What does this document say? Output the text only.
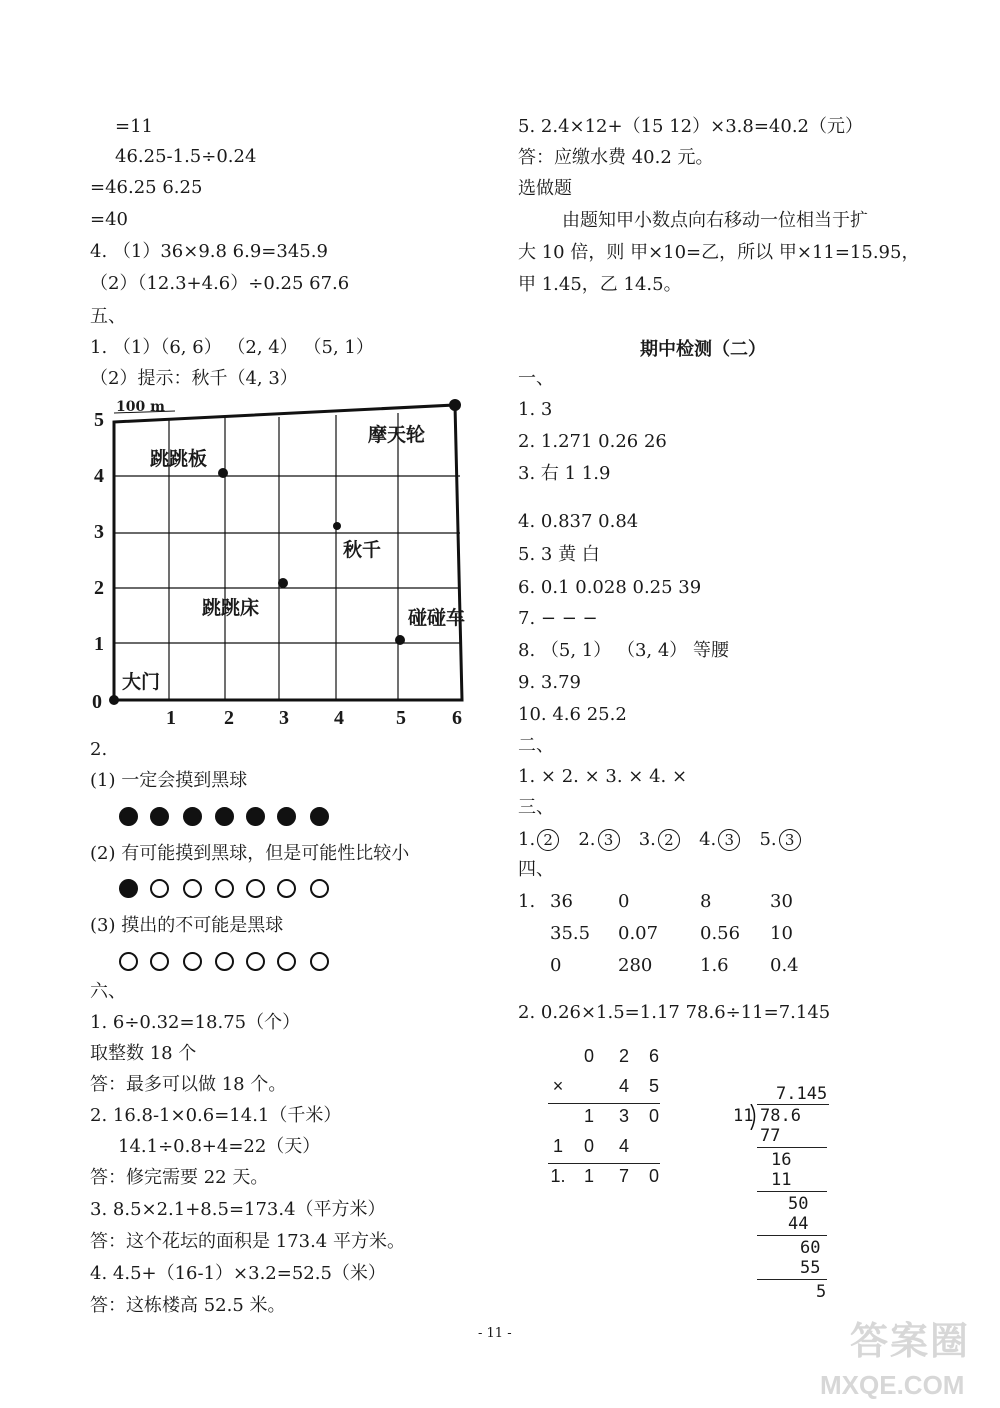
=11
46.25-1.5÷0.24
=46.25 6.25
=40
4. （1）36×9.8 6.9=345.9
（2）（12.3+4.6）÷0.25 67.6
五、
1. （1）（6, 6） （2, 4） （5, 1）
（2）提示：秋千（4, 3）
100 m
5
4
3
2
1
0
1 2 3 4	5 6
跳跳板
摩天轮
秋千
跳跳床	碰碰车
大门
2.
(1) 一定会摸到黑球
(2) 有可能摸到黑球，但是可能性比较小
(3) 摸出的不可能是黑球
六、
1. 6÷0.32=18.75（个）
取整数 18 个
答：最多可以做 18 个。
2. 16.8-1×0.6=14.1（千米）
14.1÷0.8+4=22（天）
答：修完需要 22 天。
3. 8.5×2.1+8.5=173.4（平方米）
答：这个花坛的面积是 173.4 平方米。
4. 4.5+（16-1）×3.2=52.5（米）
答：这栋楼高 52.5 米。
5. 2.4×12+（15 12）×3.8=40.2（元）
答：应缴水费 40.2 元。
选做题
由题知甲小数点向右移动一位相当于扩
大 10 倍，则 甲×10=乙，所以 甲×11=15.95，
甲 1.45，乙 14.5。
期中检测（二）
一、
1. 3
2. 1.271 0.26 26
3. 右 1 1.9
4. 0.837 0.84
5. 3 黄 白
6. 0.1 0.028 0.25 39
7. − − −
8. （5, 1） （3, 4） 等腰
9. 3.79
10. 4.6 25.2
二、
1. × 2. × 3. × 4. ×
三、
1. 2 2. 3 3. 2 4. 3 5. 3
四、
1. 36	0	8	30
35.5 0.07 0.56 10
0	280	1.6 0.4
2. 0.26×1.5=1.17 78.6÷11=7.145
0 2 6
×	4 5
1 3 0
1 0 4
1. 1 7 0
7.145
11 78.6
77
16
11
50
44
60
55
5
- 11 -	答案圈
MXQE.COM
